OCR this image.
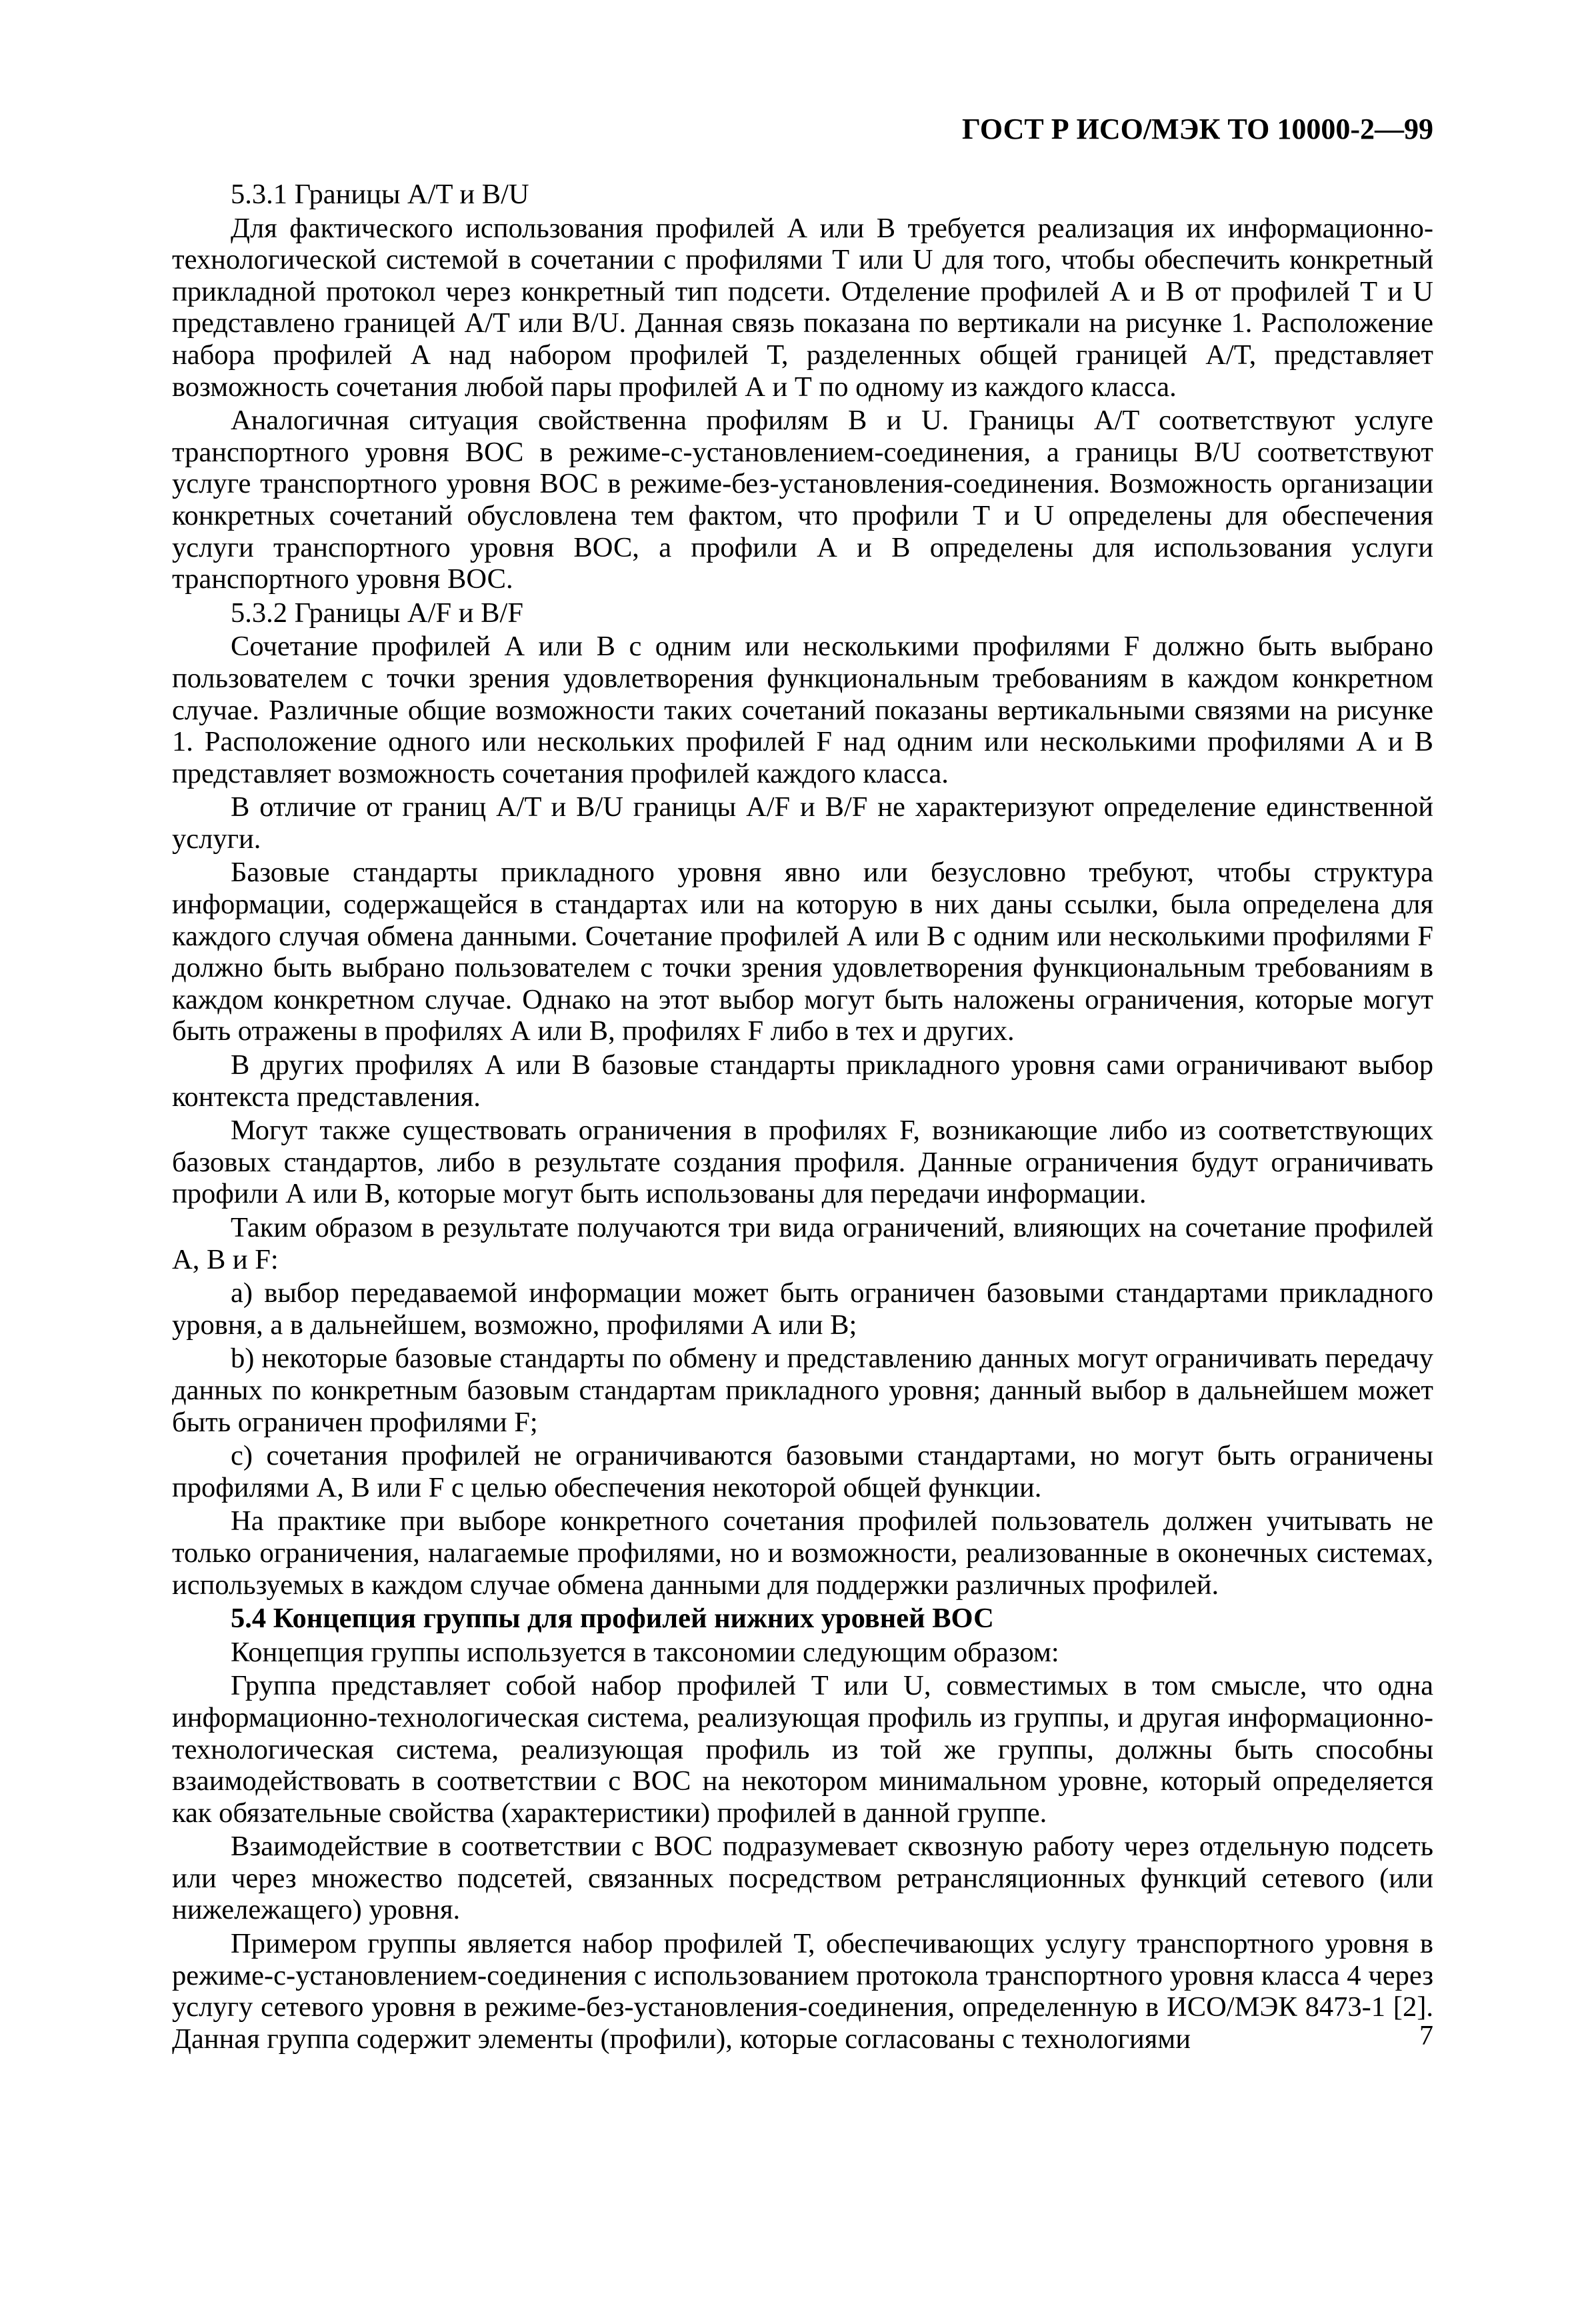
ГОСТ Р ИСО/МЭК ТО 10000-2—99

5.3.1 Границы A/T и B/U

Для фактического использования профилей А или В требуется реализация их информационно-технологической системой в сочетании с профилями Т или U для того, чтобы обеспечить конкретный прикладной протокол через конкретный тип подсети. Отделение профилей А и В от профилей Т и U представлено границей A/T или B/U. Данная связь показана по вертикали на рисунке 1. Расположение набора профилей А над набором профилей Т, разделенных общей границей A/T, представляет возможность сочетания любой пары профилей А и Т по одному из каждого класса.

Аналогичная ситуация свойственна профилям В и U. Границы A/T соответствуют услуге транспортного уровня ВОС в режиме-с-установлением-соединения, а границы B/U соответствуют услуге транспортного уровня ВОС в режиме-без-установления-соединения. Возможность организации конкретных сочетаний обусловлена тем фактом, что профили Т и U определены для обеспечения услуги транспортного уровня ВОС, а профили А и В определены для использования услуги транспортного уровня ВОС.

5.3.2 Границы A/F и B/F

Сочетание профилей А или В с одним или несколькими профилями F должно быть выбрано пользователем с точки зрения удовлетворения функциональным требованиям в каждом конкретном случае. Различные общие возможности таких сочетаний показаны вертикальными связями на рисунке 1. Расположение одного или нескольких профилей F над одним или несколькими профилями А и В представляет возможность сочетания профилей каждого класса.

В отличие от границ A/T и B/U границы A/F и B/F не характеризуют определение единственной услуги.

Базовые стандарты прикладного уровня явно или безусловно требуют, чтобы структура информации, содержащейся в стандартах или на которую в них даны ссылки, была определена для каждого случая обмена данными. Сочетание профилей А или В с одним или несколькими профилями F должно быть выбрано пользователем с точки зрения удовлетворения функциональным требованиям в каждом конкретном случае. Однако на этот выбор могут быть наложены ограничения, которые могут быть отражены в профилях А или В, профилях F либо в тех и других.

В других профилях А или В базовые стандарты прикладного уровня сами ограничивают выбор контекста представления.

Могут также существовать ограничения в профилях F, возникающие либо из соответствующих базовых стандартов, либо в результате создания профиля. Данные ограничения будут ограничивать профили А или В, которые могут быть использованы для передачи информации.

Таким образом в результате получаются три вида ограничений, влияющих на сочетание профилей А, В и F:

a) выбор передаваемой информации может быть ограничен базовыми стандартами прикладного уровня, а в дальнейшем, возможно, профилями А или В;

b) некоторые базовые стандарты по обмену и представлению данных могут ограничивать передачу данных по конкретным базовым стандартам прикладного уровня; данный выбор в дальнейшем может быть ограничен профилями F;

c) сочетания профилей не ограничиваются базовыми стандартами, но могут быть ограничены профилями А, В или F с целью обеспечения некоторой общей функции.

На практике при выборе конкретного сочетания профилей пользователь должен учитывать не только ограничения, налагаемые профилями, но и возможности, реализованные в оконечных системах, используемых в каждом случае обмена данными для поддержки различных профилей.

5.4 Концепция группы для профилей нижних уровней ВОС

Концепция группы используется в таксономии следующим образом:

Группа представляет собой набор профилей Т или U, совместимых в том смысле, что одна информационно-технологическая система, реализующая профиль из группы, и другая информационно-технологическая система, реализующая профиль из той же группы, должны быть способны взаимодействовать в соответствии с ВОС на некотором минимальном уровне, который определяется как обязательные свойства (характеристики) профилей в данной группе.

Взаимодействие в соответствии с ВОС подразумевает сквозную работу через отдельную подсеть или через множество подсетей, связанных посредством ретрансляционных функций сетевого (или нижележащего) уровня.

Примером группы является набор профилей Т, обеспечивающих услугу транспортного уровня в режиме-с-установлением-соединения с использованием протокола транспортного уровня класса 4 через услугу сетевого уровня в режиме-без-установления-соединения, определенную в ИСО/МЭК 8473-1 [2]. Данная группа содержит элементы (профили), которые согласованы с технологиями	7
